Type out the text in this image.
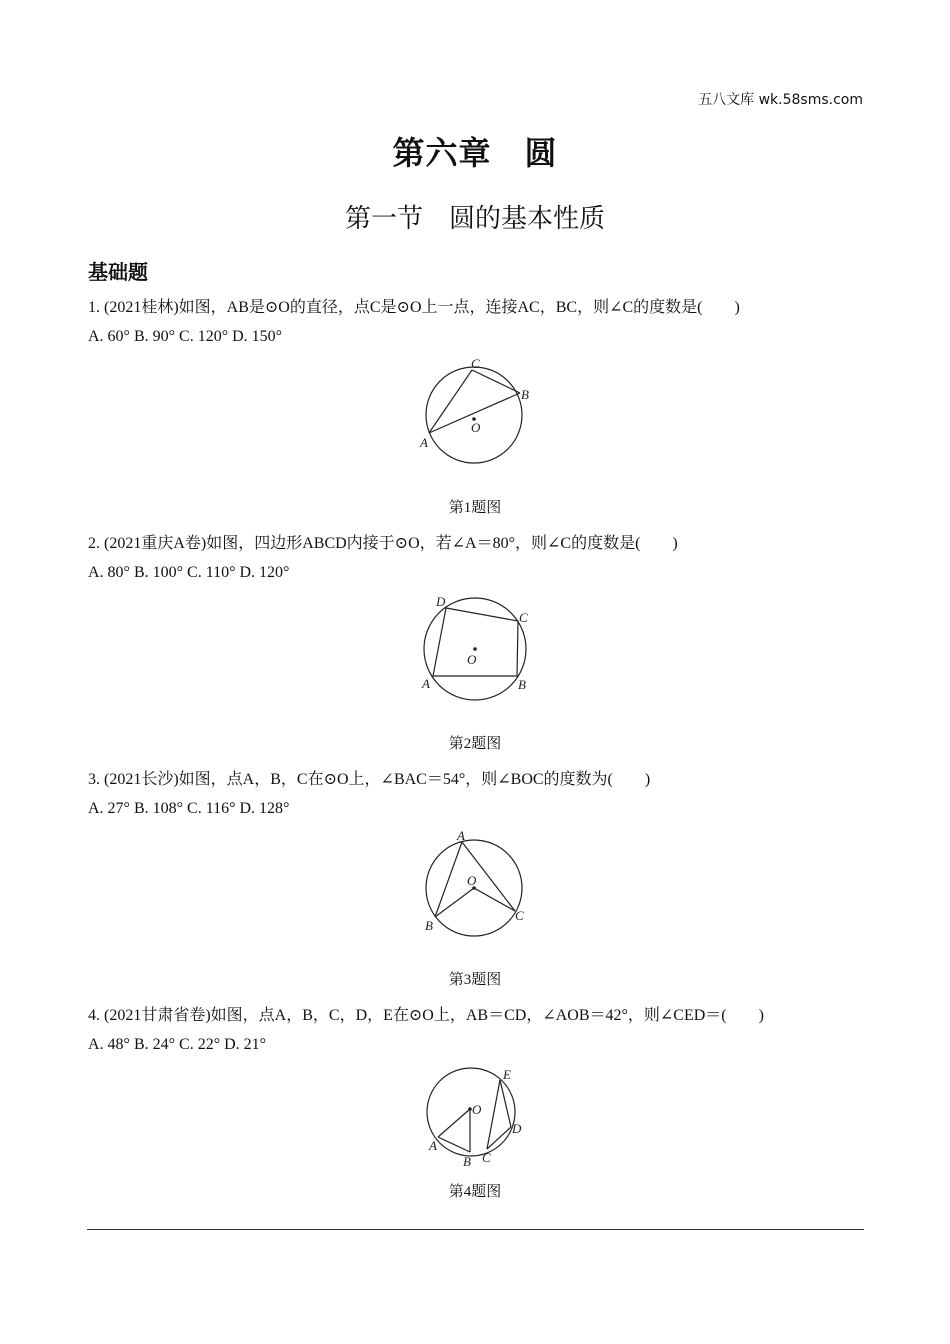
五八文库 wk.58sms.com
第六章　圆
第一节　圆的基本性质
基础题
1. (2021桂林)如图，AB是⊙O的直径，点C是⊙O上一点，连接AC，BC，则∠C的度数是(　　)
A. 60° B. 90° C. 120° D. 150°
C
B
O
A
第1题图
2. (2021重庆A卷)如图，四边形ABCD内接于⊙O，若∠A＝80°，则∠C的度数是(　　)
A. 80° B. 100° C. 110° D. 120°
D
C
O
A	B
第2题图
3. (2021长沙)如图，点A，B，C在⊙O上，∠BAC＝54°，则∠BOC的度数为(　　)
A. 27° B. 108° C. 116° D. 128°
A
O
B
C
第3题图
4. (2021甘肃省卷)如图，点A，B，C，D，E在⊙O上，AB＝CD，∠AOB＝42°，则∠CED＝(　　)
A. 48° B. 24° C. 22° D. 21°
E
O
D
A
B C
第4题图
